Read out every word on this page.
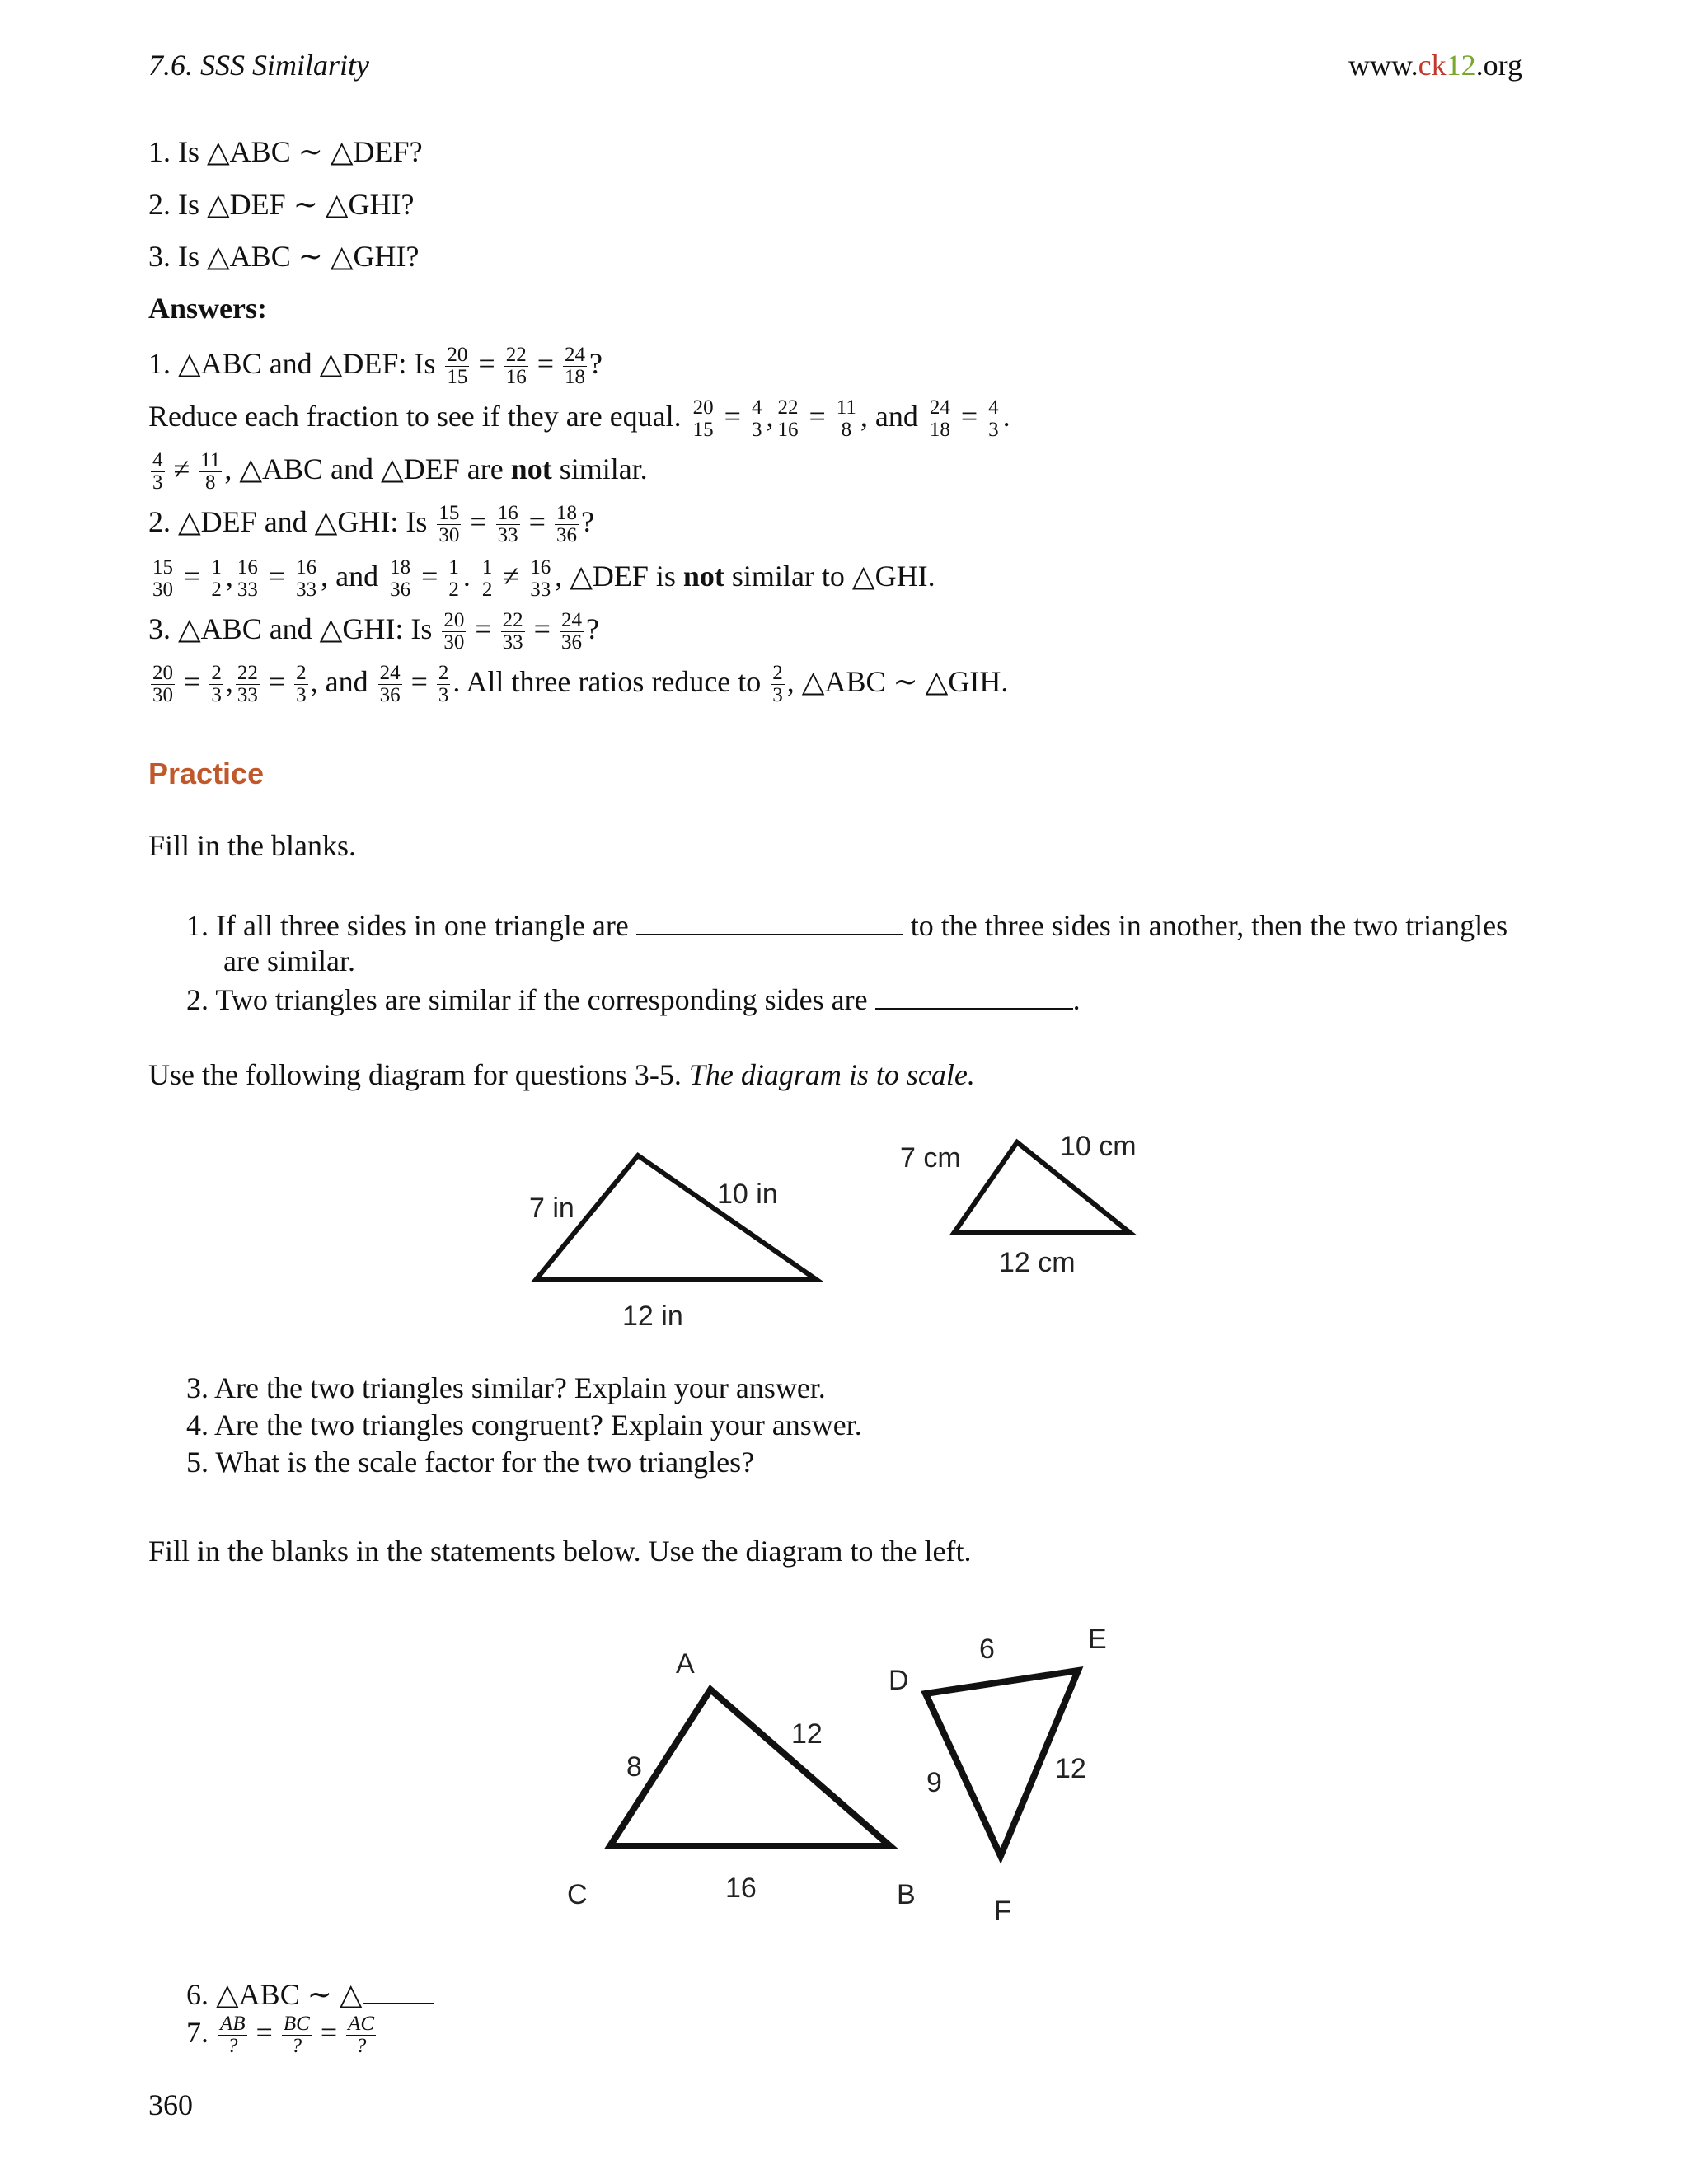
7.6. SSS Similarity	www.ck12.org
1. Is △ABC ∼ △DEF?
2. Is △DEF ∼ △GHI?
3. Is △ABC ∼ △GHI?
Answers:
1. △ABC and △DEF: Is $\frac{20}{15} = \frac{22}{16} = \frac{24}{18}$ ?
Reduce each fraction to see if they are equal. $\frac{20}{15} = \frac{4}{3}$ , $\frac{22}{16} = \frac{11}{8}$ , and $\frac{24}{18} = \frac{4}{3}$ .
$\frac{4}{3} \ne \frac{11}{8}$ , △ABC and △DEF are not similar.
2. △DEF and △GHI: Is $\frac{15}{30} = \frac{16}{33} = \frac{18}{36}$ ?
$\frac{15}{30} = \frac{1}{2}$ , $\frac{16}{33} = \frac{16}{33}$ , and $\frac{18}{36} = \frac{1}{2}$ . $\frac{1}{2} \ne \frac{16}{33}$ , △DEF is not similar to △GHI.
3. △ABC and △GHI: Is $\frac{20}{30} = \frac{22}{33} = \frac{24}{36}$ ?
$\frac{20}{30} = \frac{2}{3}$ , $\frac{22}{33} = \frac{2}{3}$ , and $\frac{24}{36} = \frac{2}{3}$ . All three ratios reduce to $\frac{2}{3}$ , △ABC ∼ △GIH.
Practice
Fill in the blanks.
1. If all three sides in one triangle are	to the three sides in another, then the two triangles
are similar.
2. Two triangles are similar if the corresponding sides are	.
Use the following diagram for questions 3-5. The diagram is to scale.
7 in	10 in
12 in
7 cm	10 cm
12 cm
3. Are the two triangles similar? Explain your answer.
4. Are the two triangles congruent? Explain your answer.
5. What is the scale factor for the two triangles?
Fill in the blanks in the statements below. Use the diagram to the left.
A
B
C
D
E
F
8
12
16
6
9	12
6. △ABC ∼ △
7. AB
? = BC
? = AC
?
360
